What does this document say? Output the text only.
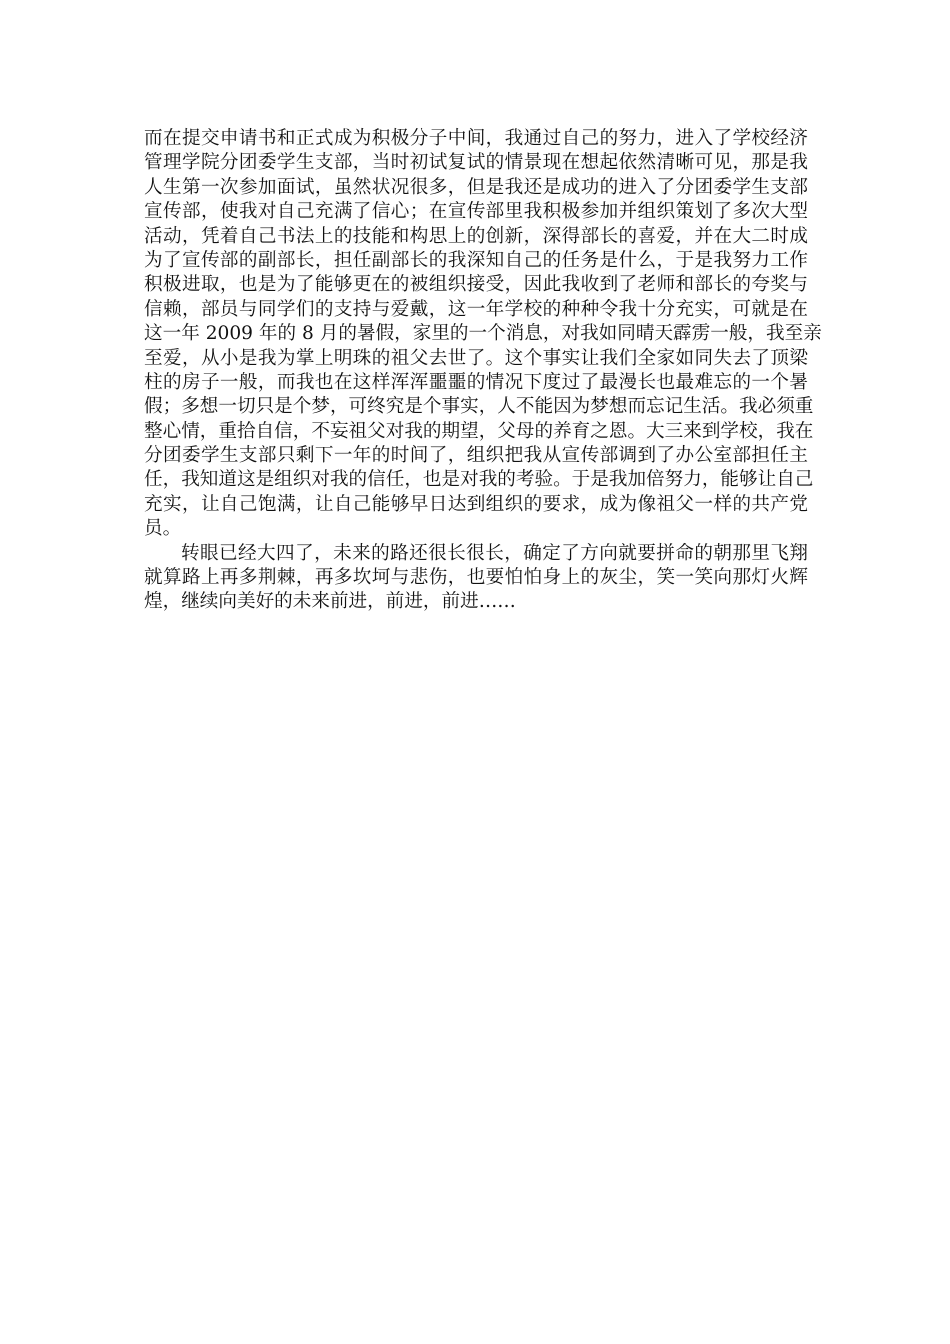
而在提交申请书和正式成为积极分子中间，我通过自己的努力，进入了学校经济
管理学院分团委学生支部，当时初试复试的情景现在想起依然清晰可见，那是我
人生第一次参加面试，虽然状况很多，但是我还是成功的进入了分团委学生支部
宣传部，使我对自己充满了信心；在宣传部里我积极参加并组织策划了多次大型
活动，凭着自己书法上的技能和构思上的创新，深得部长的喜爱，并在大二时成
为了宣传部的副部长，担任副部长的我深知自己的任务是什么，于是我努力工作
积极进取，也是为了能够更在的被组织接受，因此我收到了老师和部长的夸奖与
信赖，部员与同学们的支持与爱戴，这一年学校的种种令我十分充实，可就是在
这一年 2009 年的 8 月的暑假，家里的一个消息，对我如同晴天霹雳一般，我至亲
至爱，从小是我为掌上明珠的祖父去世了。这个事实让我们全家如同失去了顶梁
柱的房子一般，而我也在这样浑浑噩噩的情况下度过了最漫长也最难忘的一个暑
假；多想一切只是个梦，可终究是个事实，人不能因为梦想而忘记生活。我必须重
整心情，重拾自信，不妄祖父对我的期望，父母的养育之恩。大三来到学校，我在
分团委学生支部只剩下一年的时间了，组织把我从宣传部调到了办公室部担任主
任，我知道这是组织对我的信任，也是对我的考验。于是我加倍努力，能够让自己
充实，让自己饱满，让自己能够早日达到组织的要求，成为像祖父一样的共产党
员。
转眼已经大四了，未来的路还很长很长，确定了方向就要拼命的朝那里飞翔
就算路上再多荆棘，再多坎坷与悲伤，也要怕怕身上的灰尘，笑一笑向那灯火辉
煌，继续向美好的未来前进，前进，前进……
